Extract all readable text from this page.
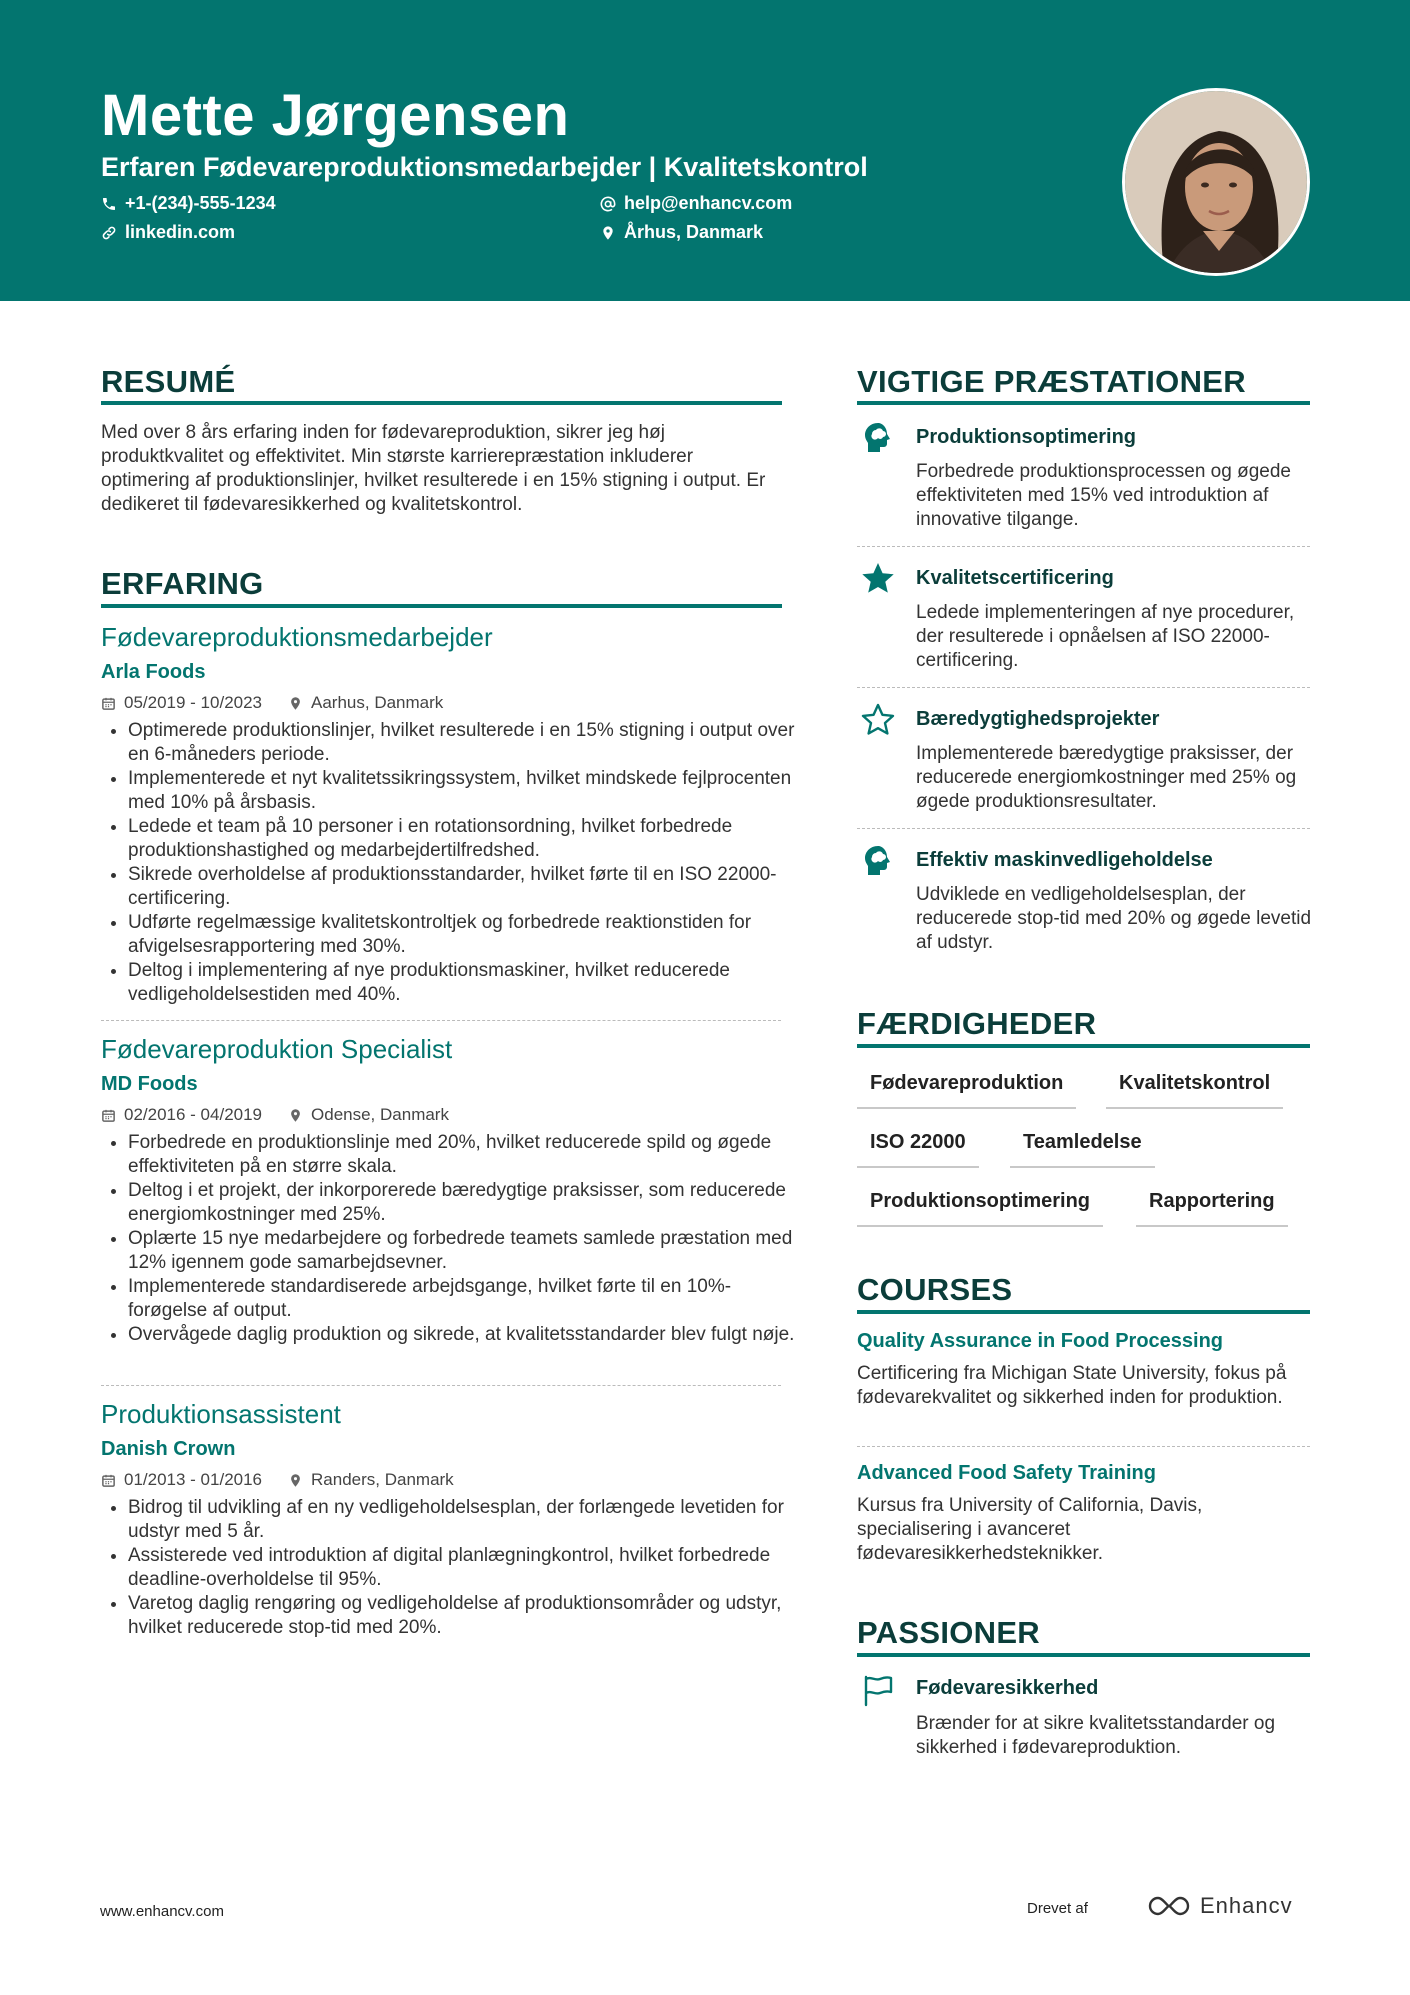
Mette Jørgensen
Erfaren Fødevareproduktionsmedarbejder | Kvalitetskontrol
+1-(234)-555-1234	help@enhancv.com
linkedin.com	Århus, Danmark
RESUMÉ
Med over 8 års erfaring inden for fødevareproduktion, sikrer jeg høj produktkvalitet og effektivitet. Min største karrierepræstation inkluderer optimering af produktionslinjer, hvilket resulterede i en 15% stigning i output. Er dedikeret til fødevaresikkerhed og kvalitetskontrol.
ERFARING
Fødevareproduktionsmedarbejder
Arla Foods
05/2019 - 10/2023	Aarhus, Danmark
• Optimerede produktionslinjer, hvilket resulterede i en 15% stigning i output over en 6-måneders periode.
• Implementerede et nyt kvalitetssikringssystem, hvilket mindskede fejlprocenten med 10% på årsbasis.
• Ledede et team på 10 personer i en rotationsordning, hvilket forbedrede produktionshastighed og medarbejdertilfredshed.
• Sikrede overholdelse af produktionsstandarder, hvilket førte til en ISO 22000-certificering.
• Udførte regelmæssige kvalitetskontroltjek og forbedrede reaktionstiden for afvigelsesrapportering med 30%.
• Deltog i implementering af nye produktionsmaskiner, hvilket reducerede vedligeholdelsestiden med 40%.
Fødevareproduktion Specialist
MD Foods
02/2016 - 04/2019	Odense, Danmark
• Forbedrede en produktionslinje med 20%, hvilket reducerede spild og øgede effektiviteten på en større skala.
• Deltog i et projekt, der inkorporerede bæredygtige praksisser, som reducerede energiomkostninger med 25%.
• Oplærte 15 nye medarbejdere og forbedrede teamets samlede præstation med 12% igennem gode samarbejdsevner.
• Implementerede standardiserede arbejdsgange, hvilket førte til en 10%-forøgelse af output.
• Overvågede daglig produktion og sikrede, at kvalitetsstandarder blev fulgt nøje.
Produktionsassistent
Danish Crown
01/2013 - 01/2016	Randers, Danmark
• Bidrog til udvikling af en ny vedligeholdelsesplan, der forlængede levetiden for udstyr med 5 år.
• Assisterede ved introduktion af digital planlægningkontrol, hvilket forbedrede deadline-overholdelse til 95%.
• Varetog daglig rengøring og vedligeholdelse af produktionsområder og udstyr, hvilket reducerede stop-tid med 20%.
VIGTIGE PRÆSTATIONER
Produktionsoptimering
Forbedrede produktionsprocessen og øgede effektiviteten med 15% ved introduktion af innovative tilgange.
Kvalitetscertificering
Ledede implementeringen af nye procedurer, der resulterede i opnåelsen af ISO 22000-certificering.
Bæredygtighedsprojekter
Implementerede bæredygtige praksisser, der reducerede energiomkostninger med 25% og øgede produktionsresultater.
Effektiv maskinvedligeholdelse
Udviklede en vedligeholdelsesplan, der reducerede stop-tid med 20% og øgede levetid af udstyr.
FÆRDIGHEDER
Fødevareproduktion	Kvalitetskontrol
ISO 22000	Teamledelse
Produktionsoptimering	Rapportering
COURSES
Quality Assurance in Food Processing
Certificering fra Michigan State University, fokus på fødevarekvalitet og sikkerhed inden for produktion.
Advanced Food Safety Training
Kursus fra University of California, Davis, specialisering i avanceret fødevaresikkerhedsteknikker.
PASSIONER
Fødevaresikkerhed
Brænder for at sikre kvalitetsstandarder og sikkerhed i fødevareproduktion.
www.enhancv.com	Drevet af	Enhancv
